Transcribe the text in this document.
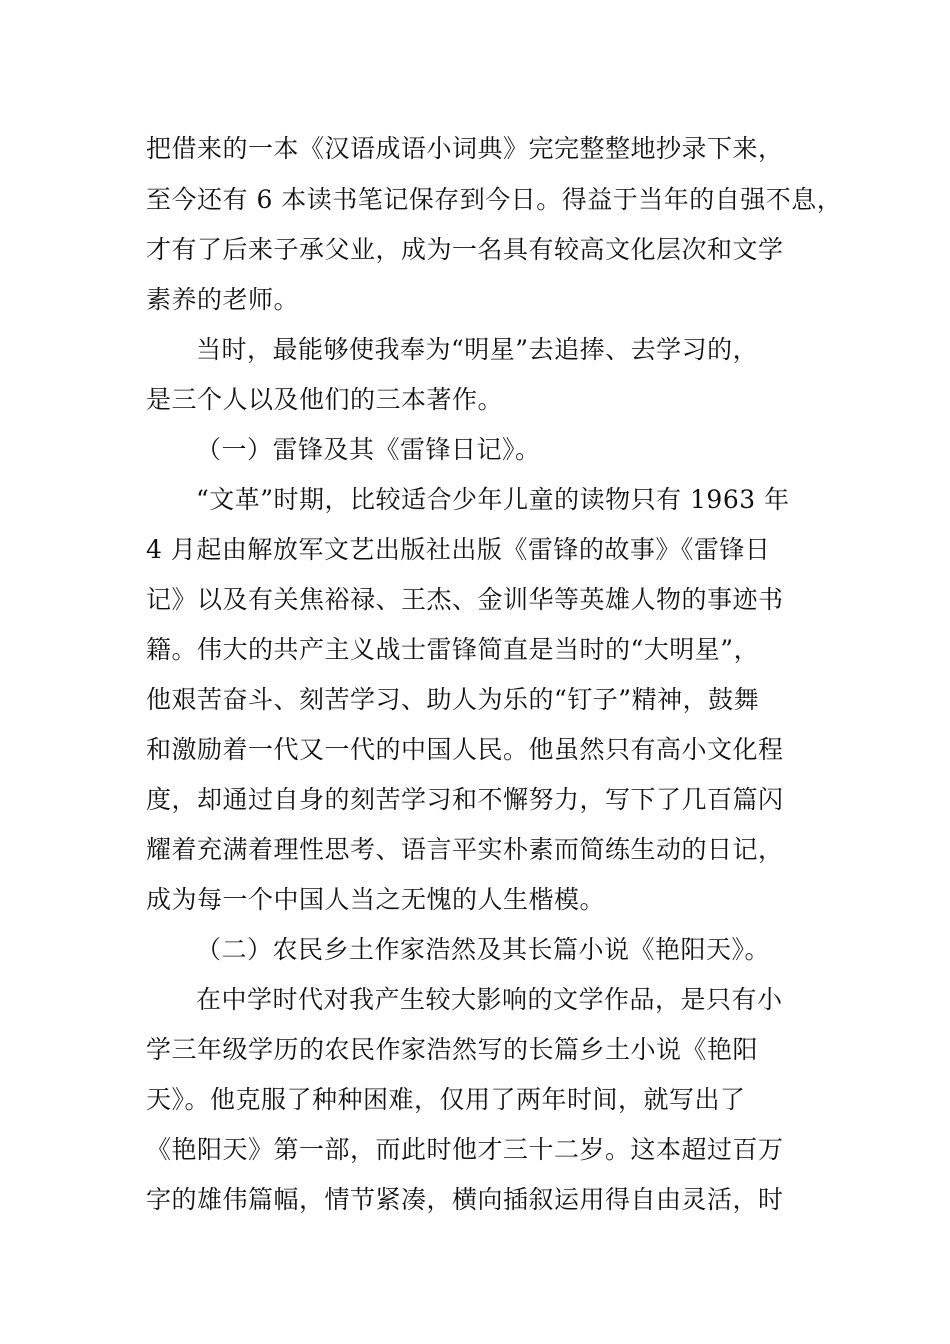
把借来的一本《汉语成语小词典》完完整整地抄录下来，
至今还有 6 本读书笔记保存到今日。得益于当年的自强不息，
才有了后来子承父业，成为一名具有较高文化层次和文学
素养的老师。
当时，最能够使我奉为“明星”去追捧、去学习的，
是三个人以及他们的三本著作。
（一）雷锋及其《雷锋日记》。
“文革”时期，比较适合少年儿童的读物只有 1963 年
4 月起由解放军文艺出版社出版《雷锋的故事》《雷锋日
记》以及有关焦裕禄、王杰、金训华等英雄人物的事迹书
籍。伟大的共产主义战士雷锋简直是当时的“大明星”，
他艰苦奋斗、刻苦学习、助人为乐的“钉子”精神，鼓舞
和激励着一代又一代的中国人民。他虽然只有高小文化程
度，却通过自身的刻苦学习和不懈努力，写下了几百篇闪
耀着充满着理性思考、语言平实朴素而简练生动的日记，
成为每一个中国人当之无愧的人生楷模。
（二）农民乡土作家浩然及其长篇小说《艳阳天》。
在中学时代对我产生较大影响的文学作品，是只有小
学三年级学历的农民作家浩然写的长篇乡土小说《艳阳
天》。他克服了种种困难，仅用了两年时间，就写出了
《艳阳天》第一部，而此时他才三十二岁。这本超过百万
字的雄伟篇幅，情节紧凑，横向插叙运用得自由灵活，时
